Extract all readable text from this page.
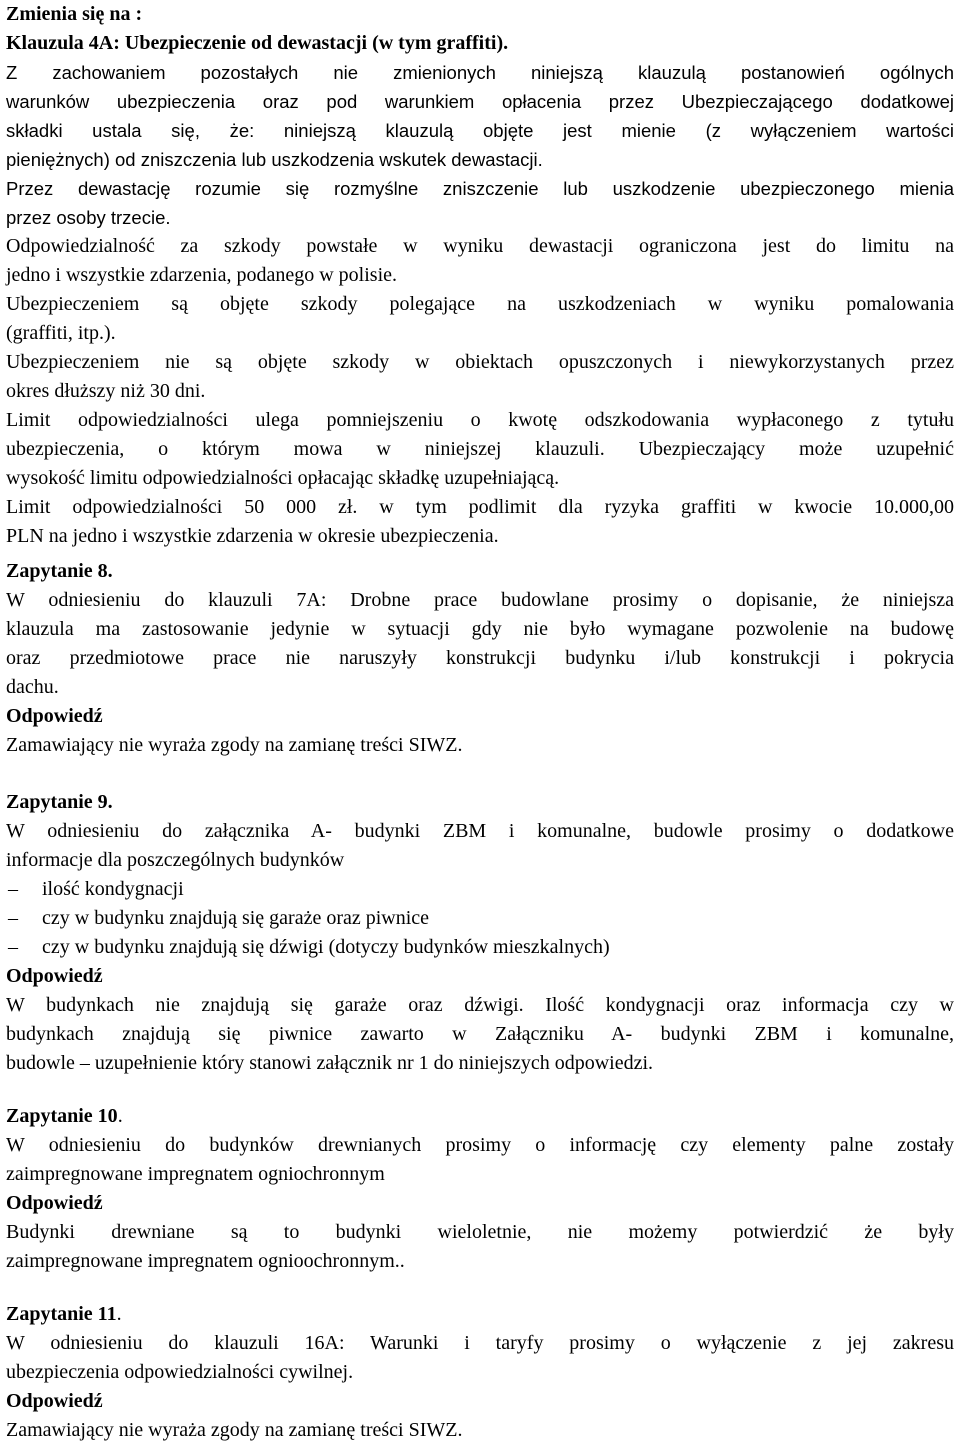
Zmienia się na :
Klauzula 4A: Ubezpieczenie od dewastacji (w tym graffiti).
Z zachowaniem pozostałych nie zmienionych niniejszą klauzulą postanowień ogólnych
warunków ubezpieczenia oraz pod warunkiem opłacenia przez Ubezpieczającego dodatkowej
składki ustala się, że: niniejszą klauzulą objęte jest mienie (z wyłączeniem wartości
pieniężnych) od zniszczenia lub uszkodzenia wskutek dewastacji.
Przez dewastację rozumie się rozmyślne zniszczenie lub uszkodzenie ubezpieczonego mienia
przez osoby trzecie.
Odpowiedzialność za szkody powstałe w wyniku dewastacji ograniczona jest do limitu na
jedno i wszystkie zdarzenia, podanego w polisie.
Ubezpieczeniem są objęte szkody polegające na uszkodzeniach w wyniku pomalowania
(graffiti, itp.).
Ubezpieczeniem nie są objęte szkody w obiektach opuszczonych i niewykorzystanych przez
okres dłuższy niż 30 dni.
Limit odpowiedzialności ulega pomniejszeniu o kwotę odszkodowania wypłaconego z tytułu
ubezpieczenia, o którym mowa w niniejszej klauzuli. Ubezpieczający może uzupełnić
wysokość limitu odpowiedzialności opłacając składkę uzupełniającą.
Limit odpowiedzialności 50 000 zł. w tym podlimit dla ryzyka graffiti w kwocie 10.000,00
PLN na jedno i wszystkie zdarzenia w okresie ubezpieczenia.
Zapytanie 8.
W odniesieniu do klauzuli 7A: Drobne prace budowlane prosimy o dopisanie, że niniejsza
klauzula ma zastosowanie jedynie w sytuacji gdy nie było wymagane pozwolenie na budowę
oraz przedmiotowe prace nie naruszyły konstrukcji budynku i/lub konstrukcji i pokrycia
dachu.
Odpowiedź
Zamawiający nie wyraża zgody na zamianę treści SIWZ.
Zapytanie 9.
W odniesieniu do załącznika A- budynki ZBM i komunalne, budowle prosimy o dodatkowe
informacje dla poszczególnych budynków
– ilość kondygnacji
– czy w budynku znajdują się garaże oraz piwnice
– czy w budynku znajdują się dźwigi (dotyczy budynków mieszkalnych)
Odpowiedź
W budynkach nie znajdują się garaże oraz dźwigi. Ilość kondygnacji oraz informacja czy w
budynkach znajdują się piwnice zawarto w Załączniku A- budynki ZBM i komunalne,
budowle – uzupełnienie który stanowi załącznik nr 1 do niniejszych odpowiedzi.
Zapytanie 10.
W odniesieniu do budynków drewnianych prosimy o informację czy elementy palne zostały
zaimpregnowane impregnatem ogniochronnym
Odpowiedź
Budynki drewniane są to budynki wieloletnie, nie możemy potwierdzić że były
zaimpregnowane impregnatem ognioochronnym..
Zapytanie 11.
W odniesieniu do klauzuli 16A: Warunki i taryfy prosimy o wyłączenie z jej zakresu
ubezpieczenia odpowiedzialności cywilnej.
Odpowiedź
Zamawiający nie wyraża zgody na zamianę treści SIWZ.
